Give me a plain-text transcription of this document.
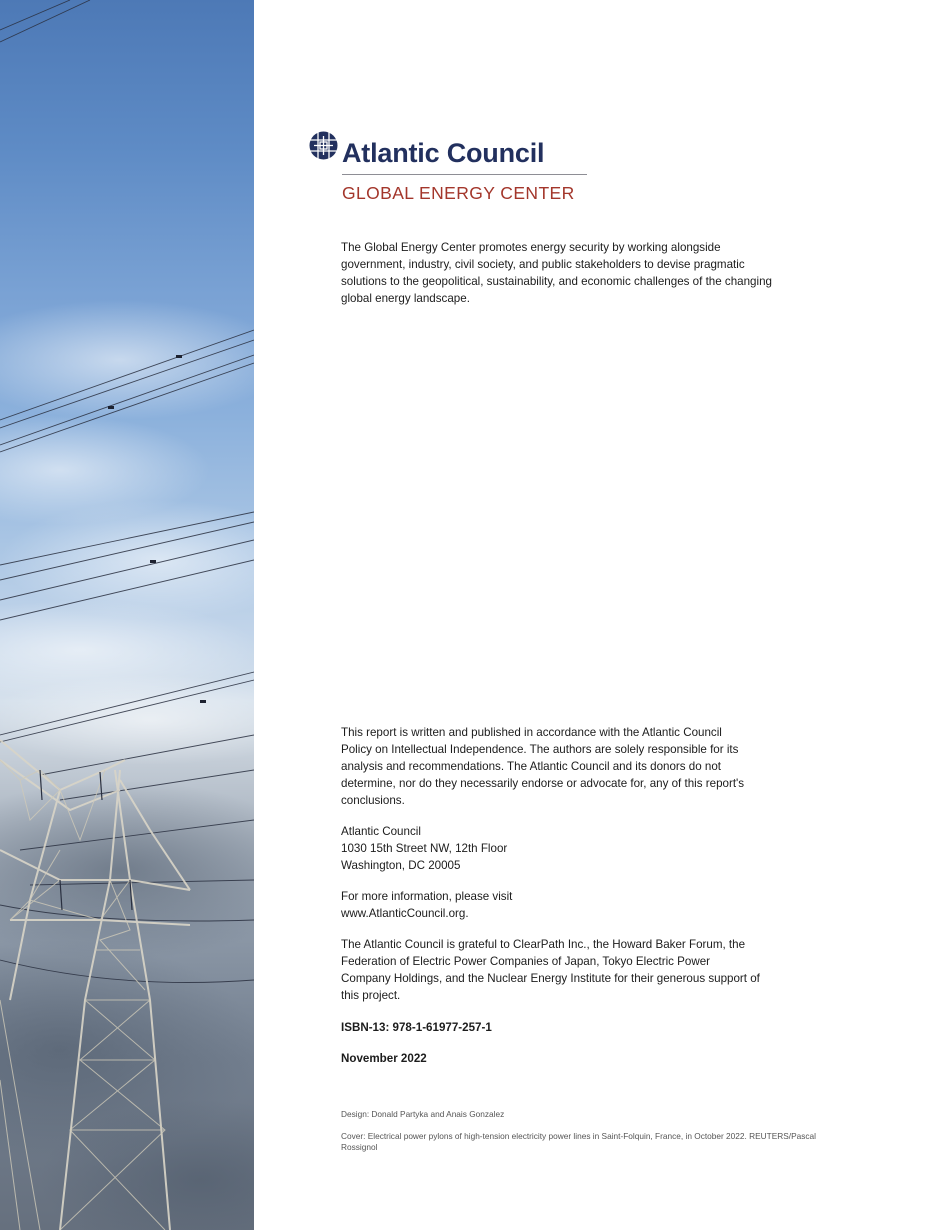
Atlantic Council
GLOBAL ENERGY CENTER
The Global Energy Center promotes energy security by working alongside government, industry, civil society, and public stakeholders to devise pragmatic solutions to the geopolitical, sustainability, and economic challenges of the changing global energy landscape.
This report is written and published in accordance with the Atlantic Council Policy on Intellectual Independence. The authors are solely responsible for its analysis and recommendations. The Atlantic Council and its donors do not determine, nor do they necessarily endorse or advocate for, any of this report's conclusions.
Atlantic Council
1030 15th Street NW, 12th Floor
Washington, DC 20005
For more information, please visit
www.AtlanticCouncil.org.
The Atlantic Council is grateful to ClearPath Inc., the Howard Baker Forum, the Federation of Electric Power Companies of Japan, Tokyo Electric Power Company Holdings, and the Nuclear Energy Institute for their generous support of this project.
ISBN-13: 978-1-61977-257-1
November 2022
Design: Donald Partyka and Anais Gonzalez
Cover: Electrical power pylons of high-tension electricity power lines in Saint-Folquin, France, in October 2022. REUTERS/Pascal Rossignol
